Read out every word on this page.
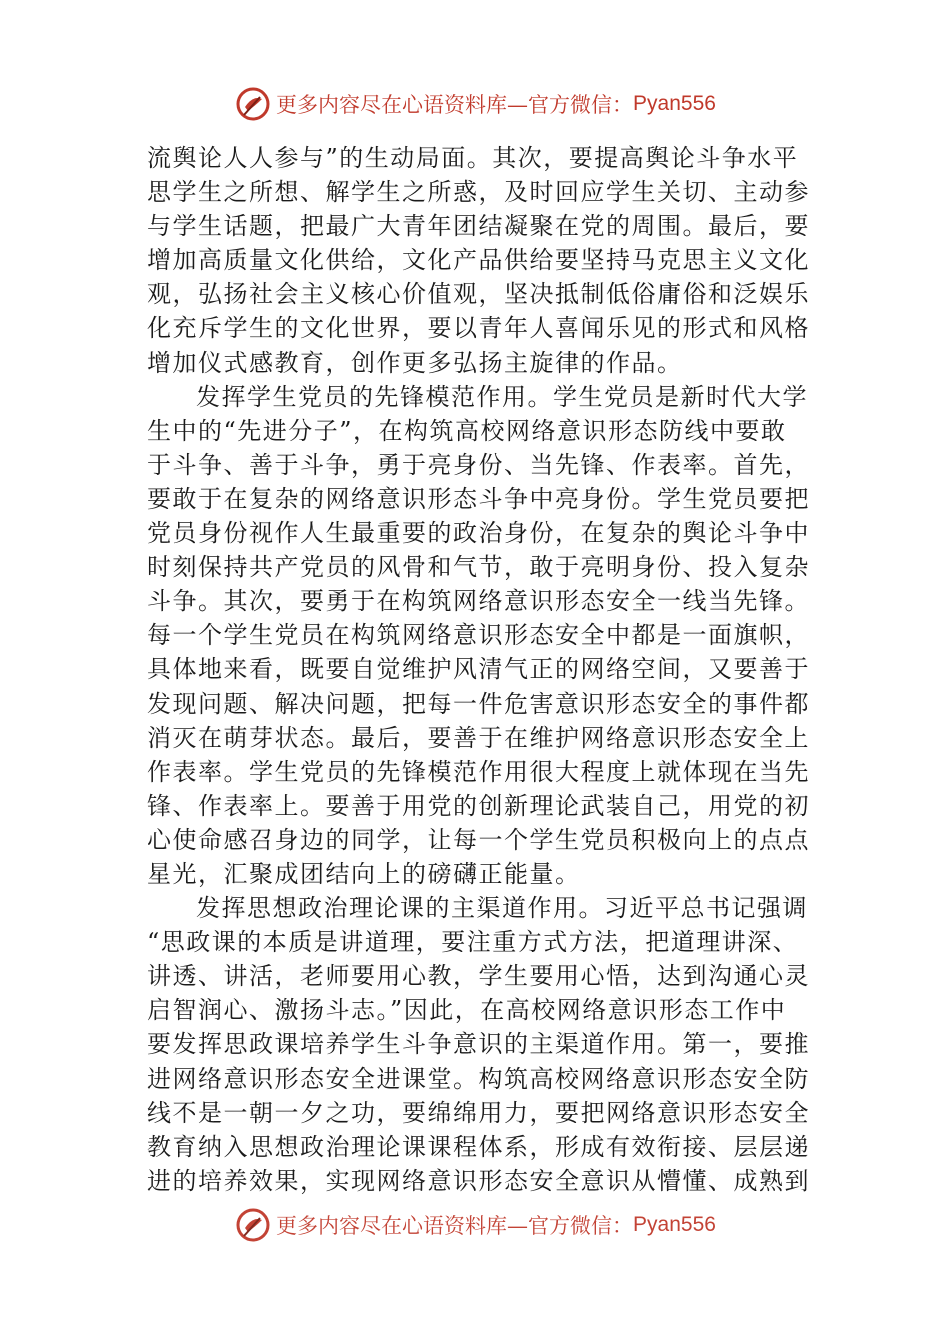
更多内容尽在心语资料库—官方微信： Pyan556
流舆论人人参与”的生动局面。其次，要提高舆论斗争水平
思学生之所想、解学生之所惑，及时回应学生关切、主动参
与学生话题，把最广大青年团结凝聚在党的周围。最后，要
增加高质量文化供给，文化产品供给要坚持马克思主义文化
观，弘扬社会主义核心价值观，坚决抵制低俗庸俗和泛娱乐
化充斥学生的文化世界，要以青年人喜闻乐见的形式和风格
增加仪式感教育，创作更多弘扬主旋律的作品。
发挥学生党员的先锋模范作用。学生党员是新时代大学
生中的“先进分子”，在构筑高校网络意识形态防线中要敢
于斗争、善于斗争，勇于亮身份、当先锋、作表率。首先，
要敢于在复杂的网络意识形态斗争中亮身份。学生党员要把
党员身份视作人生最重要的政治身份，在复杂的舆论斗争中
时刻保持共产党员的风骨和气节，敢于亮明身份、投入复杂
斗争。其次，要勇于在构筑网络意识形态安全一线当先锋。
每一个学生党员在构筑网络意识形态安全中都是一面旗帜，
具体地来看，既要自觉维护风清气正的网络空间，又要善于
发现问题、解决问题，把每一件危害意识形态安全的事件都
消灭在萌芽状态。最后，要善于在维护网络意识形态安全上
作表率。学生党员的先锋模范作用很大程度上就体现在当先
锋、作表率上。要善于用党的创新理论武装自己，用党的初
心使命感召身边的同学，让每一个学生党员积极向上的点点
星光，汇聚成团结向上的磅礴正能量。
发挥思想政治理论课的主渠道作用。习近平总书记强调
“思政课的本质是讲道理，要注重方式方法，把道理讲深、
讲透、讲活，老师要用心教，学生要用心悟，达到沟通心灵
启智润心、激扬斗志。”因此，在高校网络意识形态工作中
要发挥思政课培养学生斗争意识的主渠道作用。第一，要推
进网络意识形态安全进课堂。构筑高校网络意识形态安全防
线不是一朝一夕之功，要绵绵用力，要把网络意识形态安全
教育纳入思想政治理论课课程体系，形成有效衔接、层层递
进的培养效果，实现网络意识形态安全意识从懵懂、成熟到
更多内容尽在心语资料库—官方微信： Pyan556
